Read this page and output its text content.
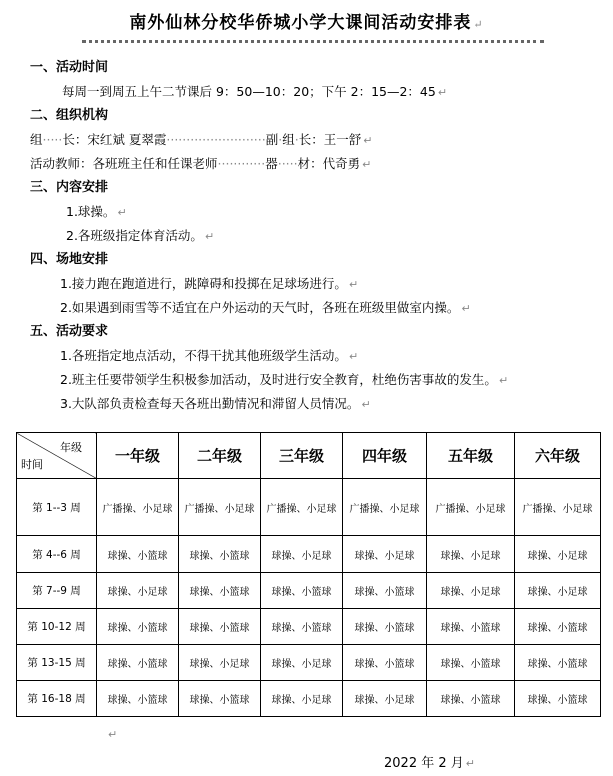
南外仙林分校华侨城小学大课间活动安排表 ↵
一、活动时间
每周一到周五上午二节课后 9：50—10：20；下午 2：15—2：45 ↵
二、组织机构
组·····长：宋红斌 夏翠霞·························副·组·长：王一舒 ↵
活动教师：各班班主任和任课老师············器·····材：代奇勇 ↵
三、内容安排
1.球操。 ↵
2.各班级指定体育活动。 ↵
四、场地安排
1.接力跑在跑道进行，跳障碍和投掷在足球场进行。 ↵
2.如果遇到雨雪等不适宜在户外运动的天气时，各班在班级里做室内操。 ↵
五、活动要求
1.各班指定地点活动，不得干扰其他班级学生活动。 ↵
2.班主任要带领学生积极参加活动，及时进行安全教育，杜绝伤害事故的发生。 ↵
3.大队部负责检查每天各班出勤情况和滞留人员情况。 ↵
年级
时间	一年级	二年级	三年级	四年级	五年级	六年级
第 1--3 周	广播操、小足球	广播操、小足球	广播操、小足球	广播操、小足球	广播操、小足球	广播操、小足球
第 4--6 周	球操、小篮球	球操、小篮球	球操、小足球	球操、小足球	球操、小足球	球操、小足球
第 7--9 周	球操、小足球	球操、小篮球	球操、小篮球	球操、小篮球	球操、小足球	球操、小足球
第 10-12 周	球操、小篮球	球操、小篮球	球操、小篮球	球操、小篮球	球操、小篮球	球操、小篮球
第 13-15 周	球操、小篮球	球操、小足球	球操、小足球	球操、小篮球	球操、小篮球	球操、小篮球
第 16-18 周	球操、小篮球	球操、小篮球	球操、小足球	球操、小足球	球操、小篮球	球操、小篮球
↵
2022 年 2 月 ↵
